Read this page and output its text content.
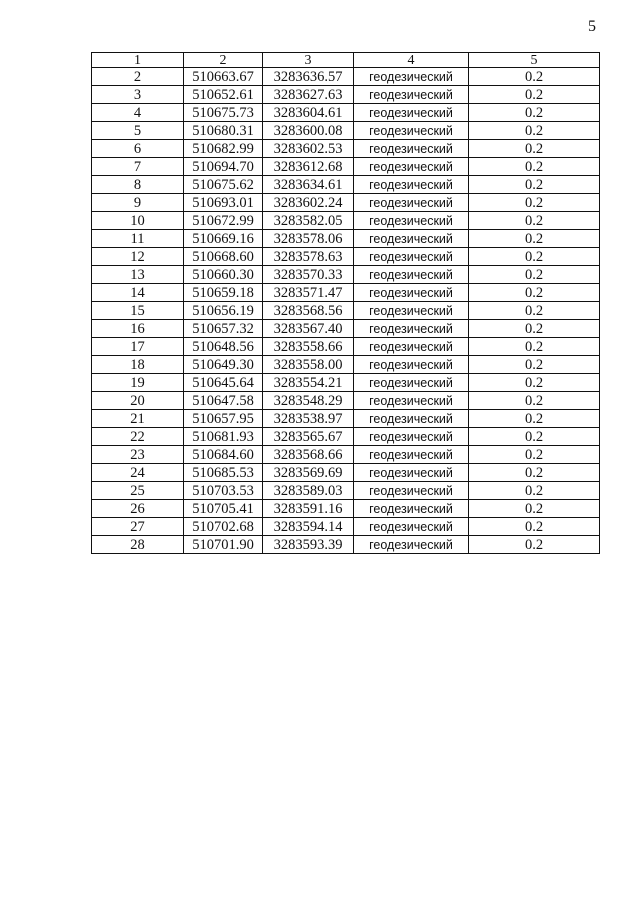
5
1	2	3	4	5
2	510663.67	3283636.57	геодезический	0.2
3	510652.61	3283627.63	геодезический	0.2
4	510675.73	3283604.61	геодезический	0.2
5	510680.31	3283600.08	геодезический	0.2
6	510682.99	3283602.53	геодезический	0.2
7	510694.70	3283612.68	геодезический	0.2
8	510675.62	3283634.61	геодезический	0.2
9	510693.01	3283602.24	геодезический	0.2
10	510672.99	3283582.05	геодезический	0.2
11	510669.16	3283578.06	геодезический	0.2
12	510668.60	3283578.63	геодезический	0.2
13	510660.30	3283570.33	геодезический	0.2
14	510659.18	3283571.47	геодезический	0.2
15	510656.19	3283568.56	геодезический	0.2
16	510657.32	3283567.40	геодезический	0.2
17	510648.56	3283558.66	геодезический	0.2
18	510649.30	3283558.00	геодезический	0.2
19	510645.64	3283554.21	геодезический	0.2
20	510647.58	3283548.29	геодезический	0.2
21	510657.95	3283538.97	геодезический	0.2
22	510681.93	3283565.67	геодезический	0.2
23	510684.60	3283568.66	геодезический	0.2
24	510685.53	3283569.69	геодезический	0.2
25	510703.53	3283589.03	геодезический	0.2
26	510705.41	3283591.16	геодезический	0.2
27	510702.68	3283594.14	геодезический	0.2
28	510701.90	3283593.39	геодезический	0.2
